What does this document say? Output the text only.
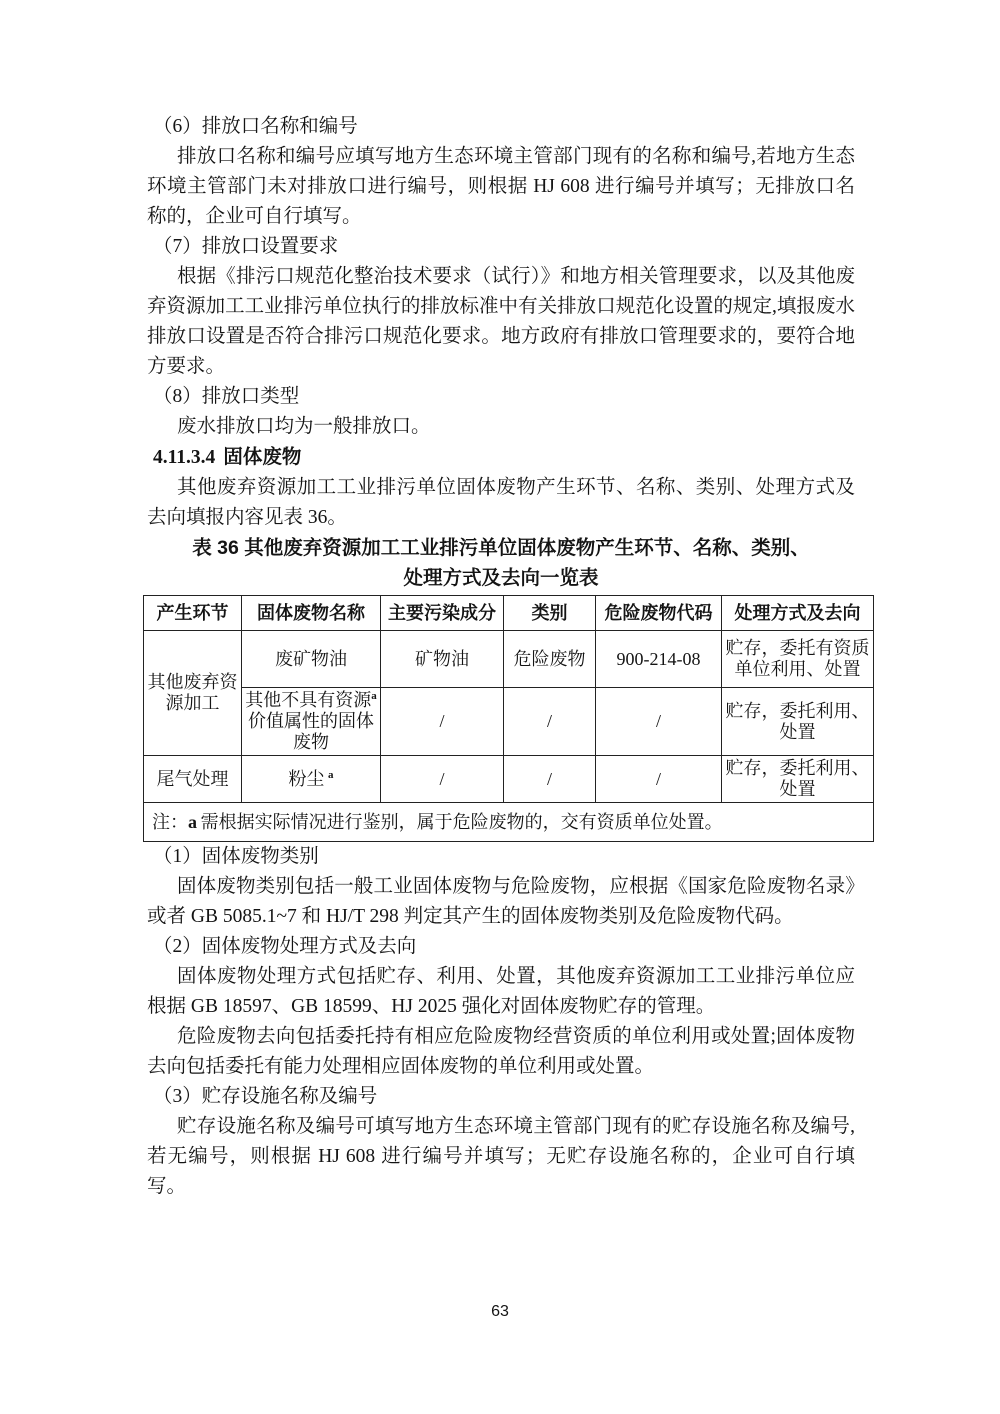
（6）排放口名称和编号

排放口名称和编号应填写地方生态环境主管部门现有的名称和编号,若地方生态环境主管部门未对排放口进行编号，则根据 HJ 608 进行编号并填写；无排放口名称的，企业可自行填写。

（7）排放口设置要求

根据《排污口规范化整治技术要求（试行）》和地方相关管理要求，以及其他废弃资源加工工业排污单位执行的排放标准中有关排放口规范化设置的规定,填报废水排放口设置是否符合排污口规范化要求。地方政府有排放口管理要求的，要符合地方要求。

（8）排放口类型

废水排放口均为一般排放口。

4.11.3.4 固体废物

其他废弃资源加工工业排污单位固体废物产生环节、名称、类别、处理方式及去向填报内容见表 36。

表 36 其他废弃资源加工工业排污单位固体废物产生环节、名称、类别、

处理方式及去向一览表

产生环节	固体废物名称	主要污染成分	类别	危险废物代码	处理方式及去向
其他废弃资源加工	废矿物油	矿物油	危险废物	900-214-08	贮存，委托有资质单位利用、处置
	其他不具有资源$^a$价值属性的固体废物	/	/	/	贮存，委托利用、处置
尾气处理	粉尘  $^a$	/	/	/	贮存，委托利用、处置
注：a  需根据实际情况进行鉴别，属于危险废物的，交有资质单位处置。					

（1）固体废物类别

固体废物类别包括一般工业固体废物与危险废物，应根据《国家危险废物名录》或者 GB 5085.1~7 和 HJ/T 298 判定其产生的固体废物类别及危险废物代码。

（2）固体废物处理方式及去向

固体废物处理方式包括贮存、利用、处置，其他废弃资源加工工业排污单位应根据 GB 18597、GB 18599、HJ 2025 强化对固体废物贮存的管理。

危险废物去向包括委托持有相应危险废物经营资质的单位利用或处置;固体废物去向包括委托有能力处理相应固体废物的单位利用或处置。

（3）贮存设施名称及编号

贮存设施名称及编号可填写地方生态环境主管部门现有的贮存设施名称及编号,若无编号，则根据 HJ 608 进行编号并填写；无贮存设施名称的，企业可自行填写。

63
